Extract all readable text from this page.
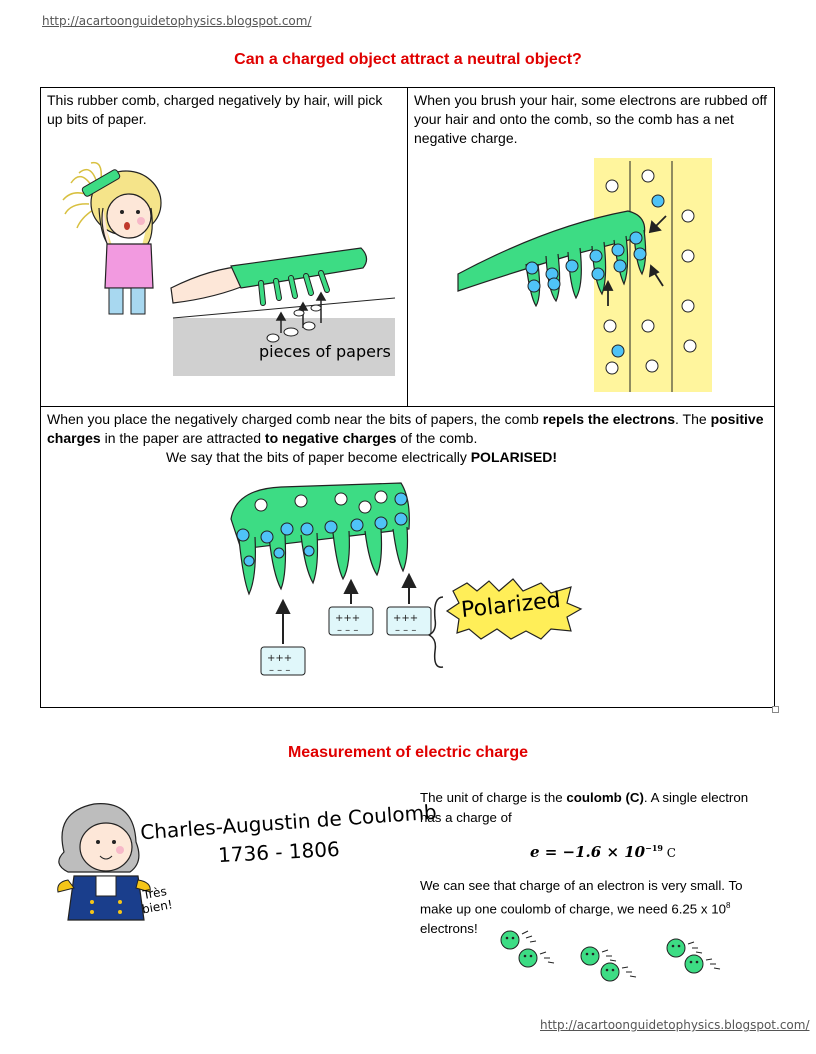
http://acartoonguidetophysics.blogspot.com/
Can a charged object attract a neutral object?
This rubber comb, charged negatively by hair, will pick up bits of paper.
pieces of papers
When you brush your hair, some electrons are rubbed off your hair and onto the comb, so the comb has a net negative charge.
When you place the negatively charged comb near the bits of papers, the comb repels the electrons. The positive charges in the paper are attracted to negative charges of the comb.
We say that the bits of paper become electrically POLARISED!
+++
– – –
+++
– – –
+++
– – –
Polarized
Measurement of electric charge
Charles-Augustin de Coulomb
1736 - 1806
Très bien!
The unit of charge is the coulomb (C). A single electron has a charge of
$e = -1.6 \times 10^{-19}$ C
We can see that charge of an electron is very small. To make up one coulomb of charge, we need 6.25 x $10^8$ electrons!
http://acartoonguidetophysics.blogspot.com/
